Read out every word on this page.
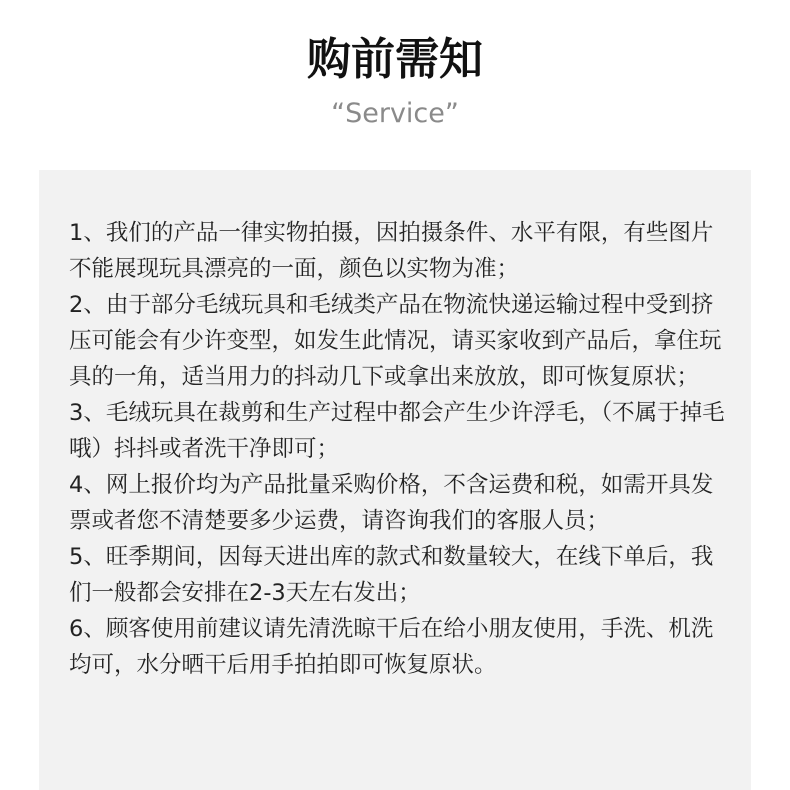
购前需知
“Service”
1、我们的产品一律实物拍摄，因拍摄条件、水平有限，有些图片不能展现玩具漂亮的一面，颜色以实物为准；
2、由于部分毛绒玩具和毛绒类产品在物流快递运输过程中受到挤压可能会有少许变型，如发生此情况，请买家收到产品后，拿住玩具的一角，适当用力的抖动几下或拿出来放放，即可恢复原状；
3、毛绒玩具在裁剪和生产过程中都会产生少许浮毛，（不属于掉毛哦）抖抖或者洗干净即可；
4、网上报价均为产品批量采购价格，不含运费和税，如需开具发票或者您不清楚要多少运费，请咨询我们的客服人员；
5、旺季期间，因每天进出库的款式和数量较大，在线下单后，我们一般都会安排在2-3天左右发出；
6、顾客使用前建议请先清洗晾干后在给小朋友使用，手洗、机洗均可，水分晒干后用手拍拍即可恢复原状。
